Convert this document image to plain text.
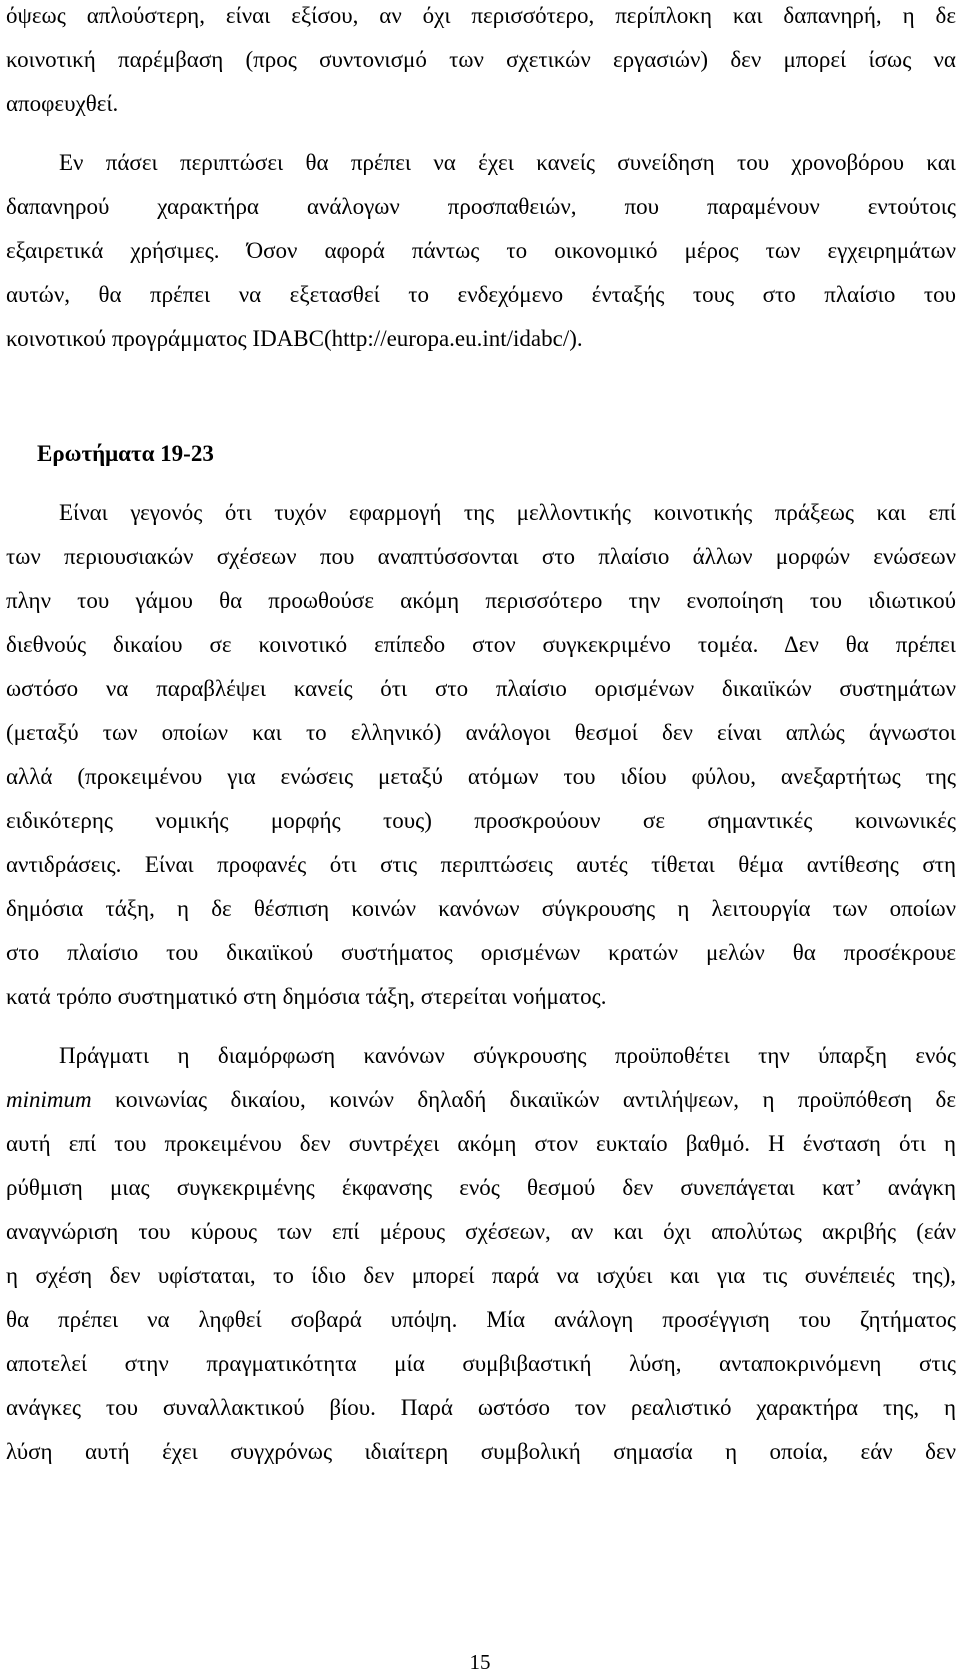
όψεως απλούστερη, είναι εξίσου, αν όχι περισσότερο, περίπλοκη και δαπανηρή, η δε
κοινοτική παρέμβαση (προς συντονισμό των σχετικών εργασιών) δεν μπορεί ίσως να
αποφευχθεί.
Εν πάσει περιπτώσει θα πρέπει να έχει κανείς συνείδηση του χρονοβόρου και
δαπανηρού χαρακτήρα ανάλογων προσπαθειών, που παραμένουν εντούτοις
εξαιρετικά χρήσιμες. Όσον αφορά πάντως το οικονομικό μέρος των εγχειρημάτων
αυτών, θα πρέπει να εξετασθεί το ενδεχόμενο ένταξής τους στο πλαίσιο του
κοινοτικού προγράμματος IDABC(http://europa.eu.int/idabc/).
Ερωτήματα 19-23
Είναι γεγονός ότι τυχόν εφαρμογή της μελλοντικής κοινοτικής πράξεως και επί
των περιουσιακών σχέσεων που αναπτύσσονται στο πλαίσιο άλλων μορφών ενώσεων
πλην του γάμου θα προωθούσε ακόμη περισσότερο την ενοποίηση του ιδιωτικού
διεθνούς δικαίου σε κοινοτικό επίπεδο στον συγκεκριμένο τομέα. Δεν θα πρέπει
ωστόσο να παραβλέψει κανείς ότι στο πλαίσιο ορισμένων δικαιϊκών συστημάτων
(μεταξύ των οποίων και το ελληνικό) ανάλογοι θεσμοί δεν είναι απλώς άγνωστοι
αλλά (προκειμένου για ενώσεις μεταξύ ατόμων του ιδίου φύλου, ανεξαρτήτως της
ειδικότερης νομικής μορφής τους) προσκρούουν σε σημαντικές κοινωνικές
αντιδράσεις. Είναι προφανές ότι στις περιπτώσεις αυτές τίθεται θέμα αντίθεσης στη
δημόσια τάξη, η δε θέσπιση κοινών κανόνων σύγκρουσης η λειτουργία των οποίων
στο πλαίσιο του δικαιϊκού συστήματος ορισμένων κρατών μελών θα προσέκρουε
κατά τρόπο συστηματικό στη δημόσια τάξη, στερείται νοήματος.
Πράγματι η διαμόρφωση κανόνων σύγκρουσης προϋποθέτει την ύπαρξη ενός
minimum κοινωνίας δικαίου, κοινών δηλαδή δικαιϊκών αντιλήψεων, η προϋπόθεση δε
αυτή επί του προκειμένου δεν συντρέχει ακόμη στον ευκταίο βαθμό. Η ένσταση ότι η
ρύθμιση μιας συγκεκριμένης έκφανσης ενός θεσμού δεν συνεπάγεται κατ’ ανάγκη
αναγνώριση του κύρους των επί μέρους σχέσεων, αν και όχι απολύτως ακριβής (εάν
η σχέση δεν υφίσταται, το ίδιο δεν μπορεί παρά να ισχύει και για τις συνέπειές της),
θα πρέπει να ληφθεί σοβαρά υπόψη. Μία ανάλογη προσέγγιση του ζητήματος
αποτελεί στην πραγματικότητα μία συμβιβαστική λύση, ανταποκρινόμενη στις
ανάγκες του συναλλακτικού βίου. Παρά ωστόσο τον ρεαλιστικό χαρακτήρα της, η
λύση αυτή έχει συγχρόνως ιδιαίτερη συμβολική σημασία η οποία, εάν δεν
15
